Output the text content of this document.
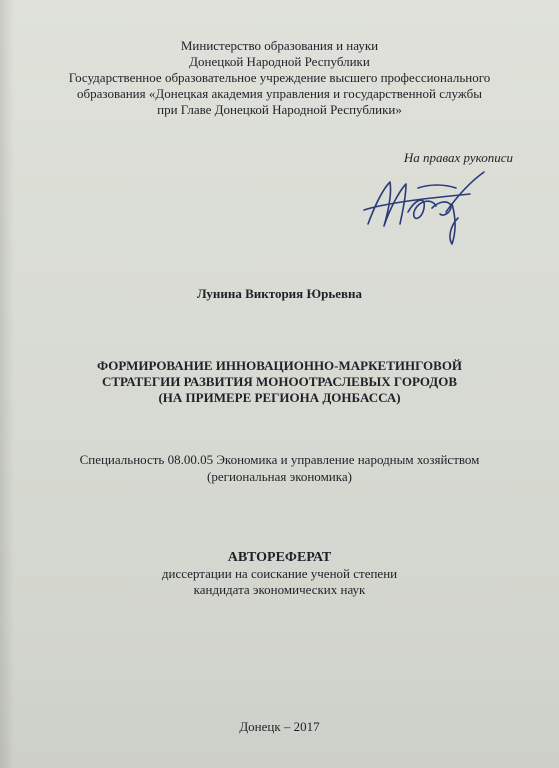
Министерство образования и науки
Донецкой Народной Республики
Государственное образовательное учреждение высшего профессионального
образования «Донецкая академия управления и государственной службы
при Главе Донецкой Народной Республики»
На правах рукописи
Лунина Виктория Юрьевна
ФОРМИРОВАНИЕ ИННОВАЦИОННО-МАРКЕТИНГОВОЙ
СТРАТЕГИИ РАЗВИТИЯ МОНООТРАСЛЕВЫХ ГОРОДОВ
(НА ПРИМЕРЕ РЕГИОНА ДОНБАССА)
Специальность 08.00.05 Экономика и управление народным хозяйством
(региональная экономика)
АВТОРЕФЕРАТ
диссертации на соискание ученой степени
кандидата экономических наук
Донецк – 2017
